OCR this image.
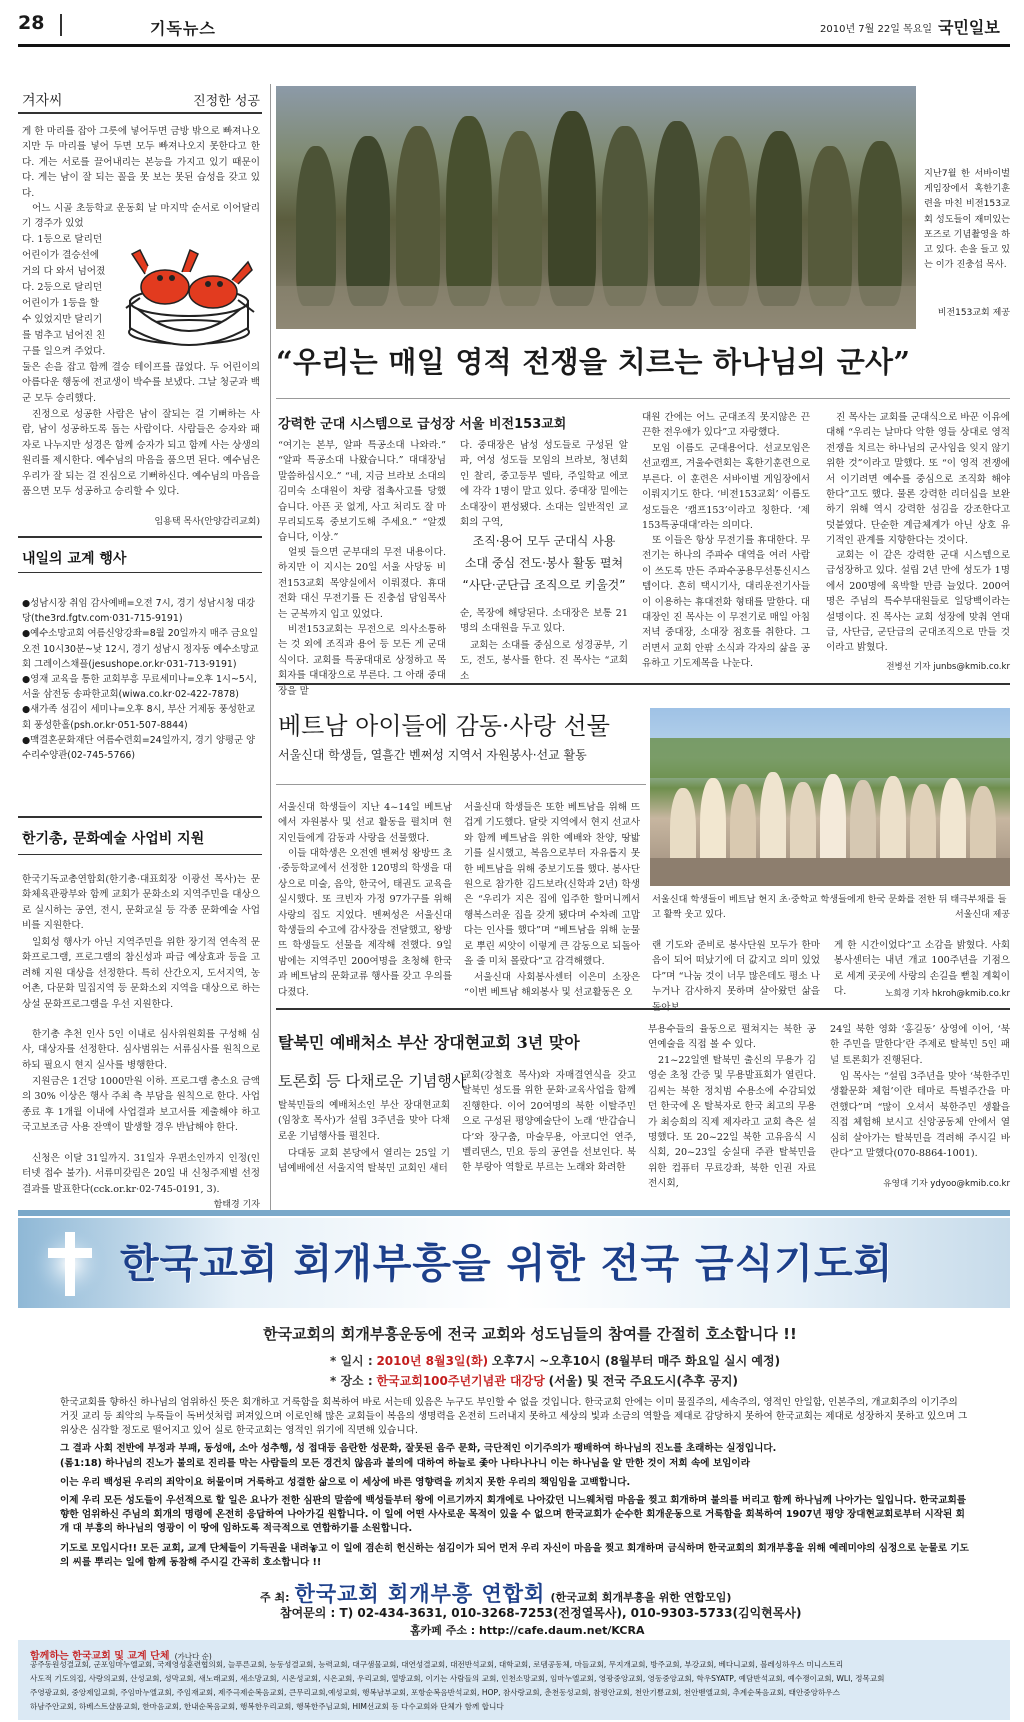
28	기독뉴스	2010년 7월 22일 목요일 국민일보
겨자씨	진정한 성공
게 한 마리를 잡아 그릇에 넣어두면 금방 밖으로 빠져나오지만 두 마리를 넣어 두면 모두 빠져나오지 못한다고 한다. 게는 서로를 끌어내리는 본능을 가지고 있기 때문이다. 게는 남이 잘 되는 꼴을 못 보는 못된 습성을 갖고 있다.
어느 시골 초등학교 운동회 날 마지막 순서로 이어달리기 경주가 있었
다. 1등으로 달리던
어린이가 결승선에
거의 다 와서 넘어졌
다. 2등으로 달리던
어린이가 1등을 할
수 있었지만 달리기
를 멈추고 넘어진 친
구를 일으켜 주었다.
둘은 손을 잡고 함께 결승 테이프를 끊었다. 두 어린이의 아름다운 행동에 전교생이 박수를 보냈다. 그날 청군과 백군 모두 승리했다.
진정으로 성공한 사람은 남이 잘되는 걸 기뻐하는 사람, 남이 성공하도록 돕는 사람이다. 사람들은 승자와 패자로 나누지만 성경은 함께 승자가 되고 함께 사는 상생의 원리를 제시한다. 예수님의 마음을 품으면 된다. 예수님은 우리가 잘 되는 걸 진심으로 기뻐하신다. 예수님의 마음을 품으면 모두 성공하고 승리할 수 있다.
임용택 목사(안양감리교회)
내일의 교계 행사
●성남시장 취임 감사예배=오전 7시, 경기 성남시청 대강당(the3rd.fgtv.com·031-715-9191)
●예수소망교회 여름신앙강좌=8월 20일까지 매주 금요일 오전 10시30분~낮 12시, 경기 성남시 정자동 예수소망교회 그레이스채플(jesushope.or.kr·031-713-9191)
●영재 교육을 통한 교회부흥 무료세미나=오후 1시~5시, 서울 삼전동 송파한교회(wiwa.co.kr·02-422-7878)
●새가족 섬김이 세미나=오후 8시, 부산 거제동 풍성한교회 풍성한홀(psh.or.kr·051-507-8844)
●맥결혼문화재단 여름수련회=24일까지, 경기 양평군 양수리수양관(02-745-5766)
한기총, 문화예술 사업비 지원
한국기독교총연합회(한기총·대표회장 이광선 목사)는 문화체육관광부와 함께 교회가 문화소외 지역주민을 대상으로 실시하는 공연, 전시, 문화교실 등 각종 문화예술 사업비를 지원한다.
일회성 행사가 아닌 지역주민을 위한 장기적 연속적 문화프로그램, 프로그램의 참신성과 파급 예상효과 등을 고려해 지원 대상을 선정한다. 특히 산간오지, 도서지역, 농어촌, 다문화 밀집지역 등 문화소외 지역을 대상으로 하는 상설 문화프로그램을 우선 지원한다.
한기총 추천 인사 5인 이내로 심사위원회를 구성해 심사, 대상자를 선정한다. 심사범위는 서류심사를 원칙으로 하되 필요시 현지 실사를 병행한다.
지원금은 1건당 1000만원 이하. 프로그램 총소요 금액의 30% 이상은 행사 주최 측 부담을 원칙으로 한다. 사업 종료 후 1개월 이내에 사업결과 보고서를 제출해야 하고 국고보조금 사용 잔액이 발생할 경우 반납해야 한다.
신청은 이달 31일까지. 31일자 우편소인까지 인정(인터넷 접수 불가). 서류미갖림은 20일 내 신청주제별 선정 결과를 발표한다(cck.or.kr·02-745-0191, 3).
함태경 기자
지난7월 한 서바이벌 게임장에서 혹한기훈련을 마친 비전153교회 성도들이 재미있는 포즈로 기념촬영을 하고 있다. 손을 들고 있는 이가 진충섭 목사.
비전153교회 제공
“우리는 매일 영적 전쟁을 치르는 하나님의 군사”
강력한 군대 시스템으로 급성장 서울 비전153교회
“여기는 본부, 알파 특공소대 나와라.” “알파 특공소대 나왔습니다.” 대대장님 말씀하십시오.” “네, 지금 브라보 소대의 김미숙 소대원이 차량 접촉사고를 당했습니다. 아픈 곳 없게, 사고 처리도 잘 마무리되도록 중보기도해 주세요.” “알겠습니다, 이상.”
얼핏 들으면 군부대의 무전 내용이다. 하지만 이 지시는 20일 서울 사당동 비전153교회 목양실에서 이뤄졌다. 휴대전화 대신 무전기를 든 진충섭 담임목사는 군복까지 입고 있었다.
비전153교회는 무전으로 의사소통하는 것 외에 조직과 용어 등 모든 게 군대식이다. 교회를 특공대대로 상정하고 목회자를 대대장으로 부른다. 그 아래 중대장을 맡
다. 중대장은 남성 성도들로 구성된 알파, 여성 성도들 모임의 브라보, 청년회인 찰리, 중고등부 델타, 주일학교 에코에 각각 1명이 맡고 있다. 중대장 밑에는 소대장이 편성됐다. 소대는 일반적인 교회의 구역,
조직·용어 모두 군대식 사용
소대 중심 전도·봉사 활동 펼쳐
“사단·군단급 조직으로 키울것”
순, 목장에 해당된다. 소대장은 보통 21명의 소대원을 두고 있다.
교회는 소대를 중심으로 성경공부, 기도, 전도, 봉사를 한다. 진 목사는 “교회 소
대원 간에는 어느 군대조직 못지않은 끈끈한 전우애가 있다”고 자랑했다.
모임 이름도 군대용어다. 선교모임은 선교캠프, 겨울수련회는 혹한기훈련으로 부른다. 이 훈련은 서바이벌 게임장에서 이뤄지기도 한다. ‘비전153교회’ 이름도 성도들은 ‘캠프153’이라고 칭한다. ‘제153특공대대’라는 의미다.
또 이들은 항상 무전기를 휴대한다. 무전기는 하나의 주파수 대역을 여러 사람이 쓰도록 만든 주파수공용무선통신시스템이다. 흔히 택시기사, 대리운전기사들이 이용하는 휴대전화 형태를 말한다. 대대장인 진 목사는 이 무전기로 매일 아침저녁 중대장, 소대장 점호를 취한다. 그러면서 교회 안팎 소식과 각자의 삶을 공유하고 기도제목을 나눈다.
진 목사는 교회를 군대식으로 바꾼 이유에 대해 “우리는 날마다 악한 영들 상대로 영적 전쟁을 치르는 하나님의 군사임을 잊지 않기 위한 것”이라고 말했다. 또 “이 영적 전쟁에서 이기려면 예수를 중심으로 조직화 해야 한다”고도 했다. 물론 강력한 리더십을 보완하기 위해 역시 강력한 섬김을 강조한다고 덧붙였다. 단순한 계급체계가 아닌 상호 유기적인 관계를 지향한다는 것이다.
교회는 이 같은 강력한 군대 시스템으로 급성장하고 있다. 설립 2년 만에 성도가 1명에서 200명에 육박할 만큼 늘었다. 200여명은 주님의 특수부대원들로 일당백이라는 설명이다. 진 목사는 교회 성장에 맞춰 연대급, 사단급, 군단급의 군대조직으로 만들 것이라고 밝혔다.
전병선 기자 junbs@kmib.co.kr
베트남 아이들에 감동·사랑 선물
서울신대 학생들, 열흘간 벤쩌성 지역서 자원봉사·선교 활동
서울신대 학생들이 베트남 현지 초·중학교 학생들에게 한국 문화를 전한 뒤 태극부채를 들고 활짝 웃고 있다.	서울신대 제공
서울신대 학생들이 지난 4~14일 베트남에서 자원봉사 및 선교 활동을 펼치며 현지인들에게 감동과 사랑을 선물했다.
이들 대학생은 오전엔 벤쩌성 왕방뜨 초·중등학교에서 선정한 120명의 학생을 대상으로 미술, 음악, 한국어, 태권도 교육을 실시했다. 또 크빈자 가정 97가구를 위해 사랑의 집도 지었다. 벤쩌성은 서울신대 학생들의 수고에 감사장을 전달했고, 왕방뜨 학생들도 선물을 제작해 전했다. 9일 밤에는 지역주민 200여명을 초청해 한국과 베트남의 문화교류 행사를 갖고 우의를 다졌다.
서울신대 학생들은 또한 베트남을 위해 뜨겁게 기도했다. 달랏 지역에서 현지 선교사와 함께 베트남을 위한 예배와 찬양, 땅밟기를 실시했고, 복음으로부터 자유롭지 못한 베트남을 위해 중보기도를 했다. 봉사단원으로 참가한 김드보라(신학과 2년) 학생은 “우리가 지은 집에 입주한 할머니께서 행복스러운 집을 갖게 됐다며 수차례 고맙다는 인사를 했다”며 “베트남을 위해 눈물로 뿌린 씨앗이 이렇게 큰 감동으로 되돌아올 줄 미처 몰랐다”고 감격해했다.
서울신대 사회봉사센터 이은미 소장은 “이번 베트남 해외봉사 및 선교활동은 오
랜 기도와 준비로 봉사단원 모두가 한마음이 되어 떠났기에 더 값지고 의미 있었다”며 “나눔 것이 너무 많은데도 평소 나누거나 감사하지 못하며 살아왔던 삶을
게 한 시간이었다”고 소감을 밝혔다. 사회봉사센터는 내년 개교 100주년을 기점으로 세계 곳곳에 사랑의 손길을 뻗칠 계획이다.	노희경 기자 hkroh@kmib.co.kr
탈북민 예배처소 부산 장대현교회 3년 맞아
토론회 등 다채로운 기념행사
탈북민들의 예배처소인 부산 장대현교회(임창호 목사)가 설립 3주년을 맞아 다채로운 기념행사를 펼친다.
다대동 교회 본당에서 열리는 25일 기념예배에선 서울지역 탈북민 교회인 새터
교회(강철호 목사)와 자매결연식을 갖고 탈북민 성도를 위한 문화·교육사업을 함께 진행한다. 이어 20여명의 북한 이탈주민으로 구성된 평양예술단이 노래 ‘반갑습니다’와 장구춤, 마술무용, 아코디언 연주, 벨리댄스, 민요 등의 공연을 선보인다. 북한 부랑아 역할로 부르는 노래와 화려한
부용수들의 율동으로 펼쳐지는 북한 공연예술을 직접 볼 수 있다.
21~22일엔 탈북민 출신의 무용가 김영순 초청 간증 및 무용발표회가 열린다. 김씨는 북한 정치범 수용소에 수감되었던 한국에 온 탈북자로 한국 최고의 무용가 최승희의 직제 제자라고 교회 측은 설명했다. 또 20~22일 북한 고유음식 시식회, 20~23일 숭실대 주관 탈북민을 위한 컴퓨터 무료강좌, 북한 인권 자료 전시회,
24일 북한 영화 ‘홍길동’ 상영에 이어, ‘북한 주민을 말한다’란 주제로 탈북민 5인 패널 토론회가 진행된다.
임 목사는 “설립 3주년을 맞아 ‘북한주민 생활문화 체험’이란 테마로 특별주간을 마련했다”며 “많이 오셔서 북한주민 생활을 직접 체험해 보시고 신앙공동체 안에서 열심히 살아가는 탈북민을 격려해 주시길 바란다”고 말했다(070-8864-1001).
유영대 기자 ydyoo@kmib.co.kr
한국교회 회개부흥을 위한 전국 금식기도회
한국교회의 회개부흥운동에 전국 교회와 성도님들의 참여를 간절히 호소합니다 !!
* 일시 : 2010년 8월3일(화) 오후7시 ~오후10시 (8월부터 매주 화요일 실시 예정)
* 장소 : 한국교회100주년기념관 대강당 (서울) 및 전국 주요도시(추후 공지)
한국교회를 향하신 하나님의 엄위하신 뜻은 회개하고 거룩함을 회복하여 바로 서는데 있음은 누구도 부인할 수 없을 것입니다. 한국교회 안에는 이미 물질주의, 세속주의, 영적인 안일함, 인본주의, 개교회주의 이기주의 거짓 교리 등 죄악의 누룩들이 독버섯처럼 퍼져있으며 이로인해 많은 교회들이 복음의 생명력을 온전히 드러내지 못하고 세상의 빛과 소금의 역할을 제대로 감당하지 못하여 한국교회는 제대로 성장하지 못하고 있으며 그 위상은 심각할 정도로 떨어지고 있어 실로 한국교회는 영적인 위기에 직면해 있습니다.
그 결과 사회 전반에 부정과 부패, 동성애, 소아 성추행, 성 접대등 음란한 성문화, 잘못된 음주 문화, 극단적인 이기주의가 팽배하여 하나님의 진노를 초래하는 실정입니다.
(롬1:18) 하나님의 진노가 불의로 진리를 막는 사람들의 모든 경건치 않음과 불의에 대하여 하늘로 좇아 나타나나니 이는 하나님을 알 만한 것이 저희 속에 보임이라
이는 우리 백성된 우리의 죄악이요 허물이며 거룩하고 성결한 삶으로 이 세상에 바른 영향력을 끼치지 못한 우리의 책임임을 고백합니다.
이제 우리 모든 성도들이 우선적으로 할 일은 요나가 전한 심판의 말씀에 백성들부터 왕에 이르기까지 회개에로 나아갔던 니느웨처럼 마음을 찢고 회개하며 불의를 버리고 함께 하나님께 나아가는 일입니다. 한국교회를 향한 엄위하신 주님의 회개의 명령에 온전히 응답하여 나아가길 원합니다. 이 일에 어떤 사사로운 목적이 있을 수 없으며 한국교회가 순수한 회개운동으로 거룩함을 회복하여 1907년 평양 장대현교회로부터 시작된 회개 대 부흥의 하나님의 영광이 이 땅에 임하도록 적극적으로 연합하기를 소원합니다.
기도로 모입시다!! 모든 교회, 교계 단체들이 기득권을 내려놓고 이 일에 겸손히 헌신하는 섬김이가 되어 먼저 우리 자신이 마음을 찢고 회개하며 금식하며 한국교회의 회개부흥을 위해 예레미야의 심정으로 눈물로 기도의 씨를 뿌리는 일에 함께 동참해 주시길 간곡히 호소합니다 !!
주 최: 한국교회 회개부흥 연합회 (한국교회 회개부흥을 위한 연합모임)
참여문의 : T) 02-434-3631, 010-3268-7253(전정열목사), 010-9303-5733(김익현목사)
홈카페 주소 : http://cafe.daum.net/KCRA
함께하는 한국교회 및 교계 단체 (가나다 순)
공주동원성결교회, 군포임마누엘교회, 국제영성훈련협의회, 늘푸른교회, 능동성결교회, 능력교회, 대구샘물교회, 대연성결교회, 대전반석교회, 대학교회, 로뎀공동체, 마들교회, 무지개교회, 방주교회, 부강교회, 베다니교회, 블레싱하우스 미니스트리
사도적 기도의집, 사랑의교회, 산성교회, 성막교회, 새노래교회, 새소망교회, 시온성교회, 시온교회, 우리교회, 열방교회, 이기는 사람들의 교회, 인천소망교회, 임마누엘교회, 영광중앙교회, 영동중앙교회, 학우SYATP, 예담반석교회, 예수쟁이교회, WLI, 정목교회
주영광교회, 중앙제일교회, 주임마누엘교회, 주임재교회, 제주극제순복음교회, 큰무리교회,예성교회, 행복남부교회, 포항순복음반석교회, HOP, 참사랑교회, 춘천동성교회, 참평안교회, 천안기쁨교회, 천안벧엘교회, 추계순복음교회, 태안중앙하우스
하남주안교회, 하베스트샬롬교회, 한마음교회, 한내순복음교회, 행복한우리교회, 행복한주님교회, HIM선교회 등 다수교회와 단체가 함께 합니다
